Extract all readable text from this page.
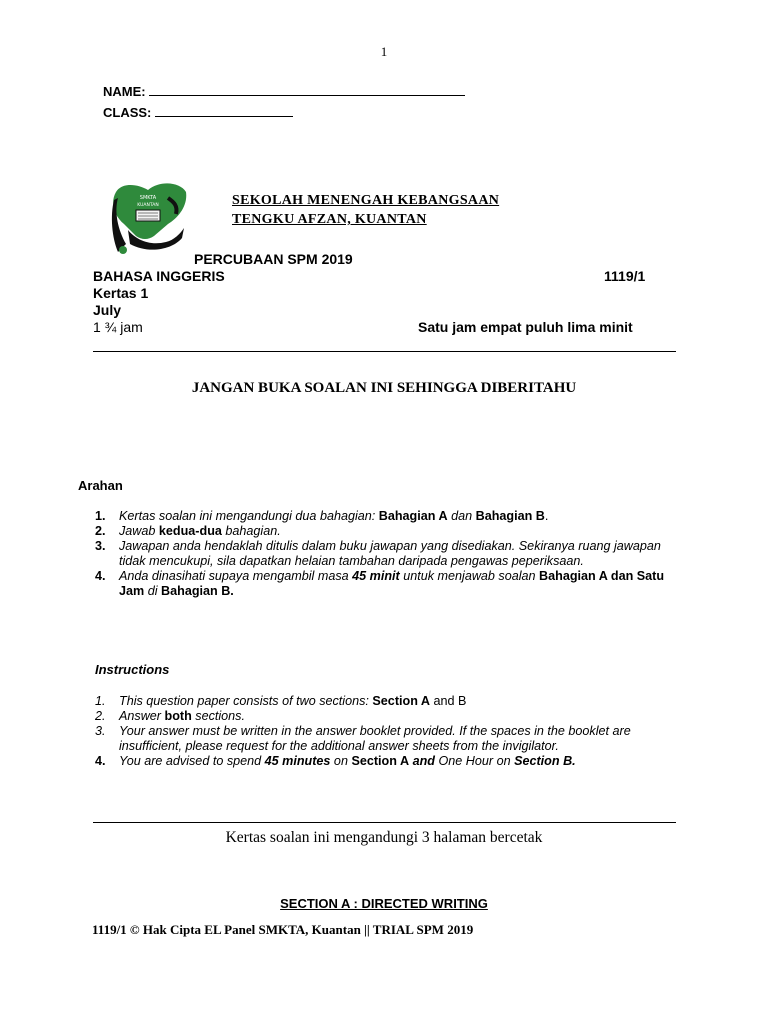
1
NAME:
CLASS:
SMKTA
KUANTAN	SEKOLAH MENENGAH KEBANGSAAN
TENGKU AFZAN, KUANTAN
PERCUBAAN SPM 2019
BAHASA INGGERIS	1119/1
Kertas 1
July
1 ¾ jam	Satu jam empat puluh lima minit
JANGAN BUKA SOALAN INI SEHINGGA DIBERITAHU
Arahan
1. Kertas soalan ini mengandungi dua bahagian: Bahagian A dan Bahagian B.
2. Jawab kedua-dua bahagian.
3. Jawapan anda hendaklah ditulis dalam buku jawapan yang disediakan. Sekiranya ruang jawapan tidak mencukupi, sila dapatkan helaian tambahan daripada pengawas peperiksaan.
4. Anda dinasihati supaya mengambil masa 45 minit untuk menjawab soalan Bahagian A dan Satu Jam di Bahagian B.
Instructions
1. This question paper consists of two sections: Section A and B
2. Answer both sections.
3. Your answer must be written in the answer booklet provided. If the spaces in the booklet are insufficient, please request for the additional answer sheets from the invigilator.
4. You are advised to spend 45 minutes on Section A and One Hour on Section B.
Kertas soalan ini mengandungi 3 halaman bercetak
SECTION A : DIRECTED WRITING
1119/1 © Hak Cipta EL Panel SMKTA, Kuantan || TRIAL SPM 2019
